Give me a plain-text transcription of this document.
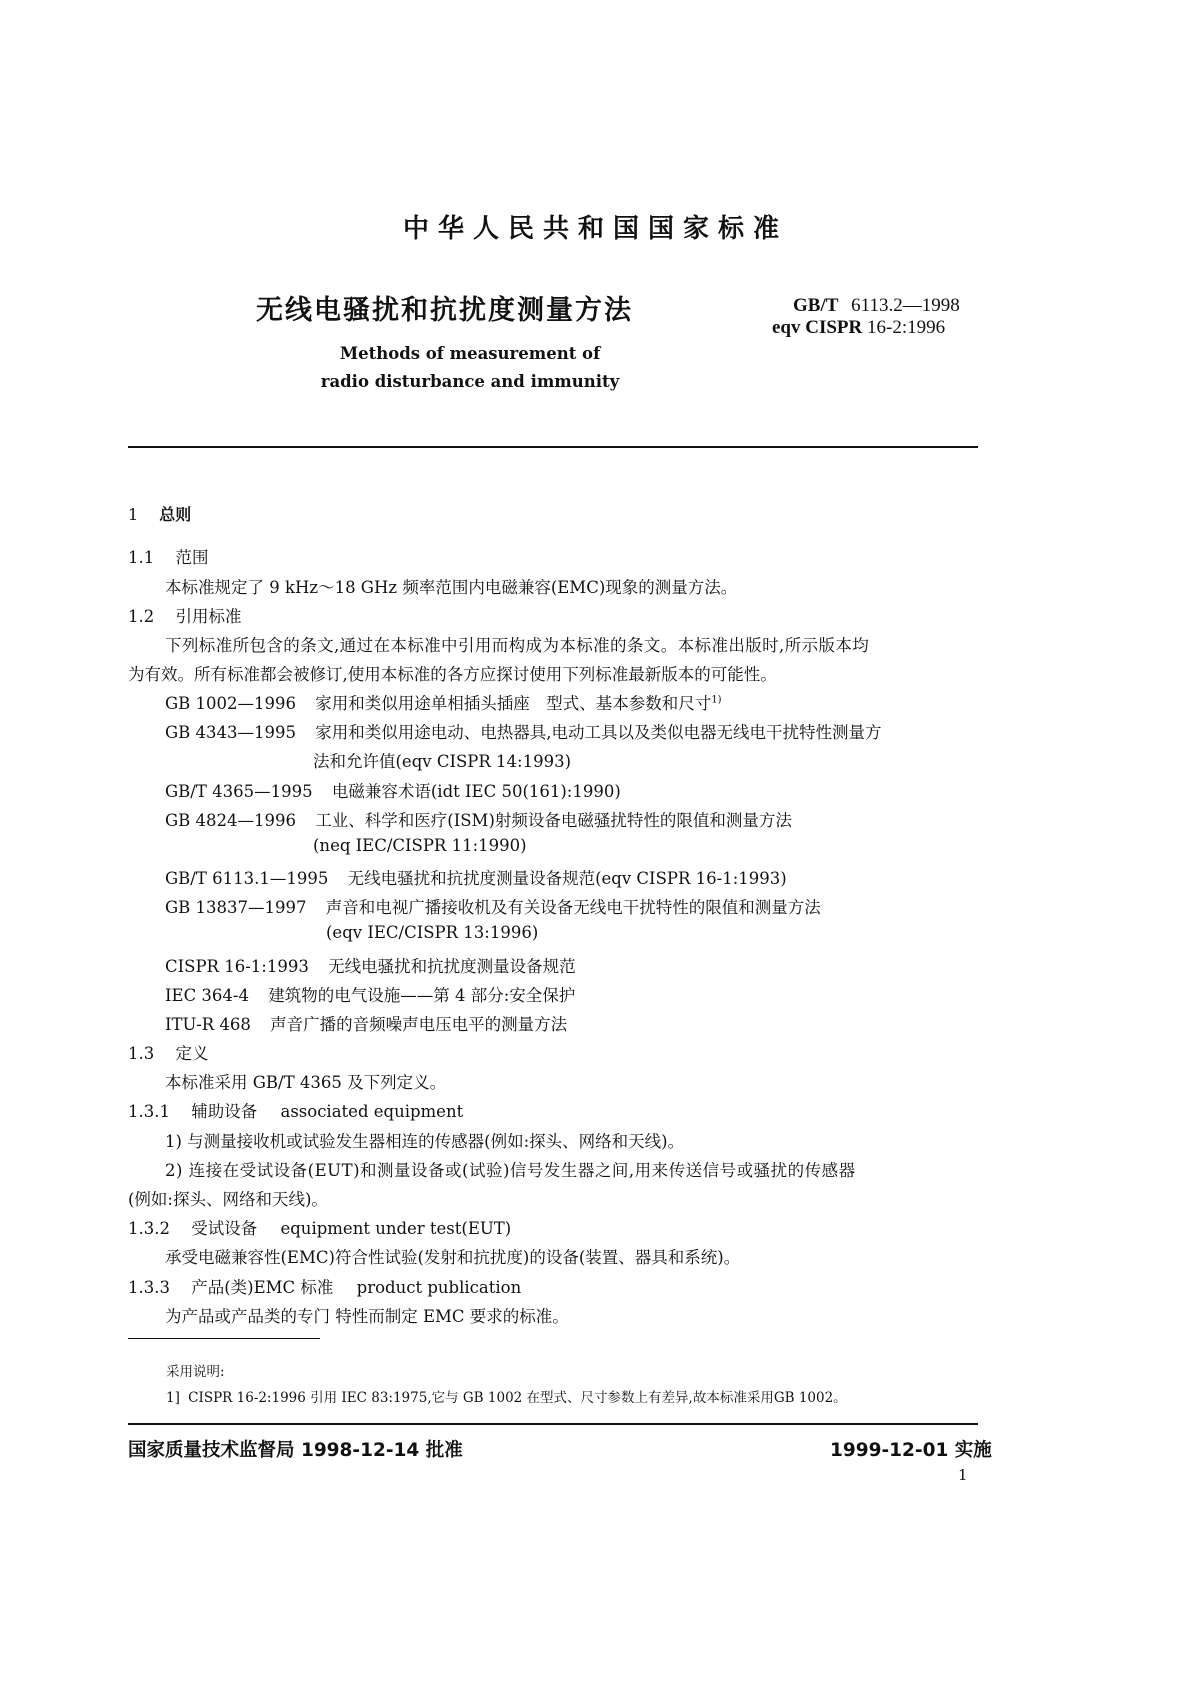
中华人民共和国国家标准
无线电骚扰和抗扰度测量方法	GB/T 6113.2—1998
eqv CISPR 16-2:1996
Methods of measurement of
radio disturbance and immunity
1 总则
1.1 范围
本标准规定了 9 kHz～18 GHz 频率范围内电磁兼容(EMC)现象的测量方法。
1.2 引用标准
下列标准所包含的条文,通过在本标准中引用而构成为本标准的条文。本标准出版时,所示版本均
为有效。所有标准都会被修订,使用本标准的各方应探讨使用下列标准最新版本的可能性。
GB 1002—1996 家用和类似用途单相插头插座　型式、基本参数和尺寸$^{1)}$
GB 4343—1995 家用和类似用途电动、电热器具,电动工具以及类似电器无线电干扰特性测量方
法和允许值(eqv CISPR 14:1993)
GB/T 4365—1995 电磁兼容术语(idt IEC 50(161):1990)
GB 4824—1996 工业、科学和医疗(ISM)射频设备电磁骚扰特性的限值和测量方法
(neq IEC/CISPR 11:1990)
GB/T 6113.1—1995 无线电骚扰和抗扰度测量设备规范(eqv CISPR 16-1:1993)
GB 13837—1997 声音和电视广播接收机及有关设备无线电干扰特性的限值和测量方法
(eqv IEC/CISPR 13:1996)
CISPR 16-1:1993 无线电骚扰和抗扰度测量设备规范
IEC 364-4 建筑物的电气设施——第 4 部分:安全保护
ITU-R 468 声音广播的音频噪声电压电平的测量方法
1.3 定义
本标准采用 GB/T 4365 及下列定义。
1.3.1 辅助设备 associated equipment
1) 与测量接收机或试验发生器相连的传感器(例如:探头、网络和天线)。
2) 连接在受试设备(EUT)和测量设备或(试验)信号发生器之间,用来传送信号或骚扰的传感器
(例如:探头、网络和天线)。
1.3.2 受试设备 equipment under test(EUT)
承受电磁兼容性(EMC)符合性试验(发射和抗扰度)的设备(装置、器具和系统)。
1.3.3 产品(类)EMC 标准 product publication
为产品或产品类的专门 特性而制定 EMC 要求的标准。
采用说明:
1] CISPR 16-2:1996 引用 IEC 83:1975,它与 GB 1002 在型式、尺寸参数上有差异,故本标准采用GB 1002。
国家质量技术监督局 1998-12-14 批准	1999-12-01 实施
1
